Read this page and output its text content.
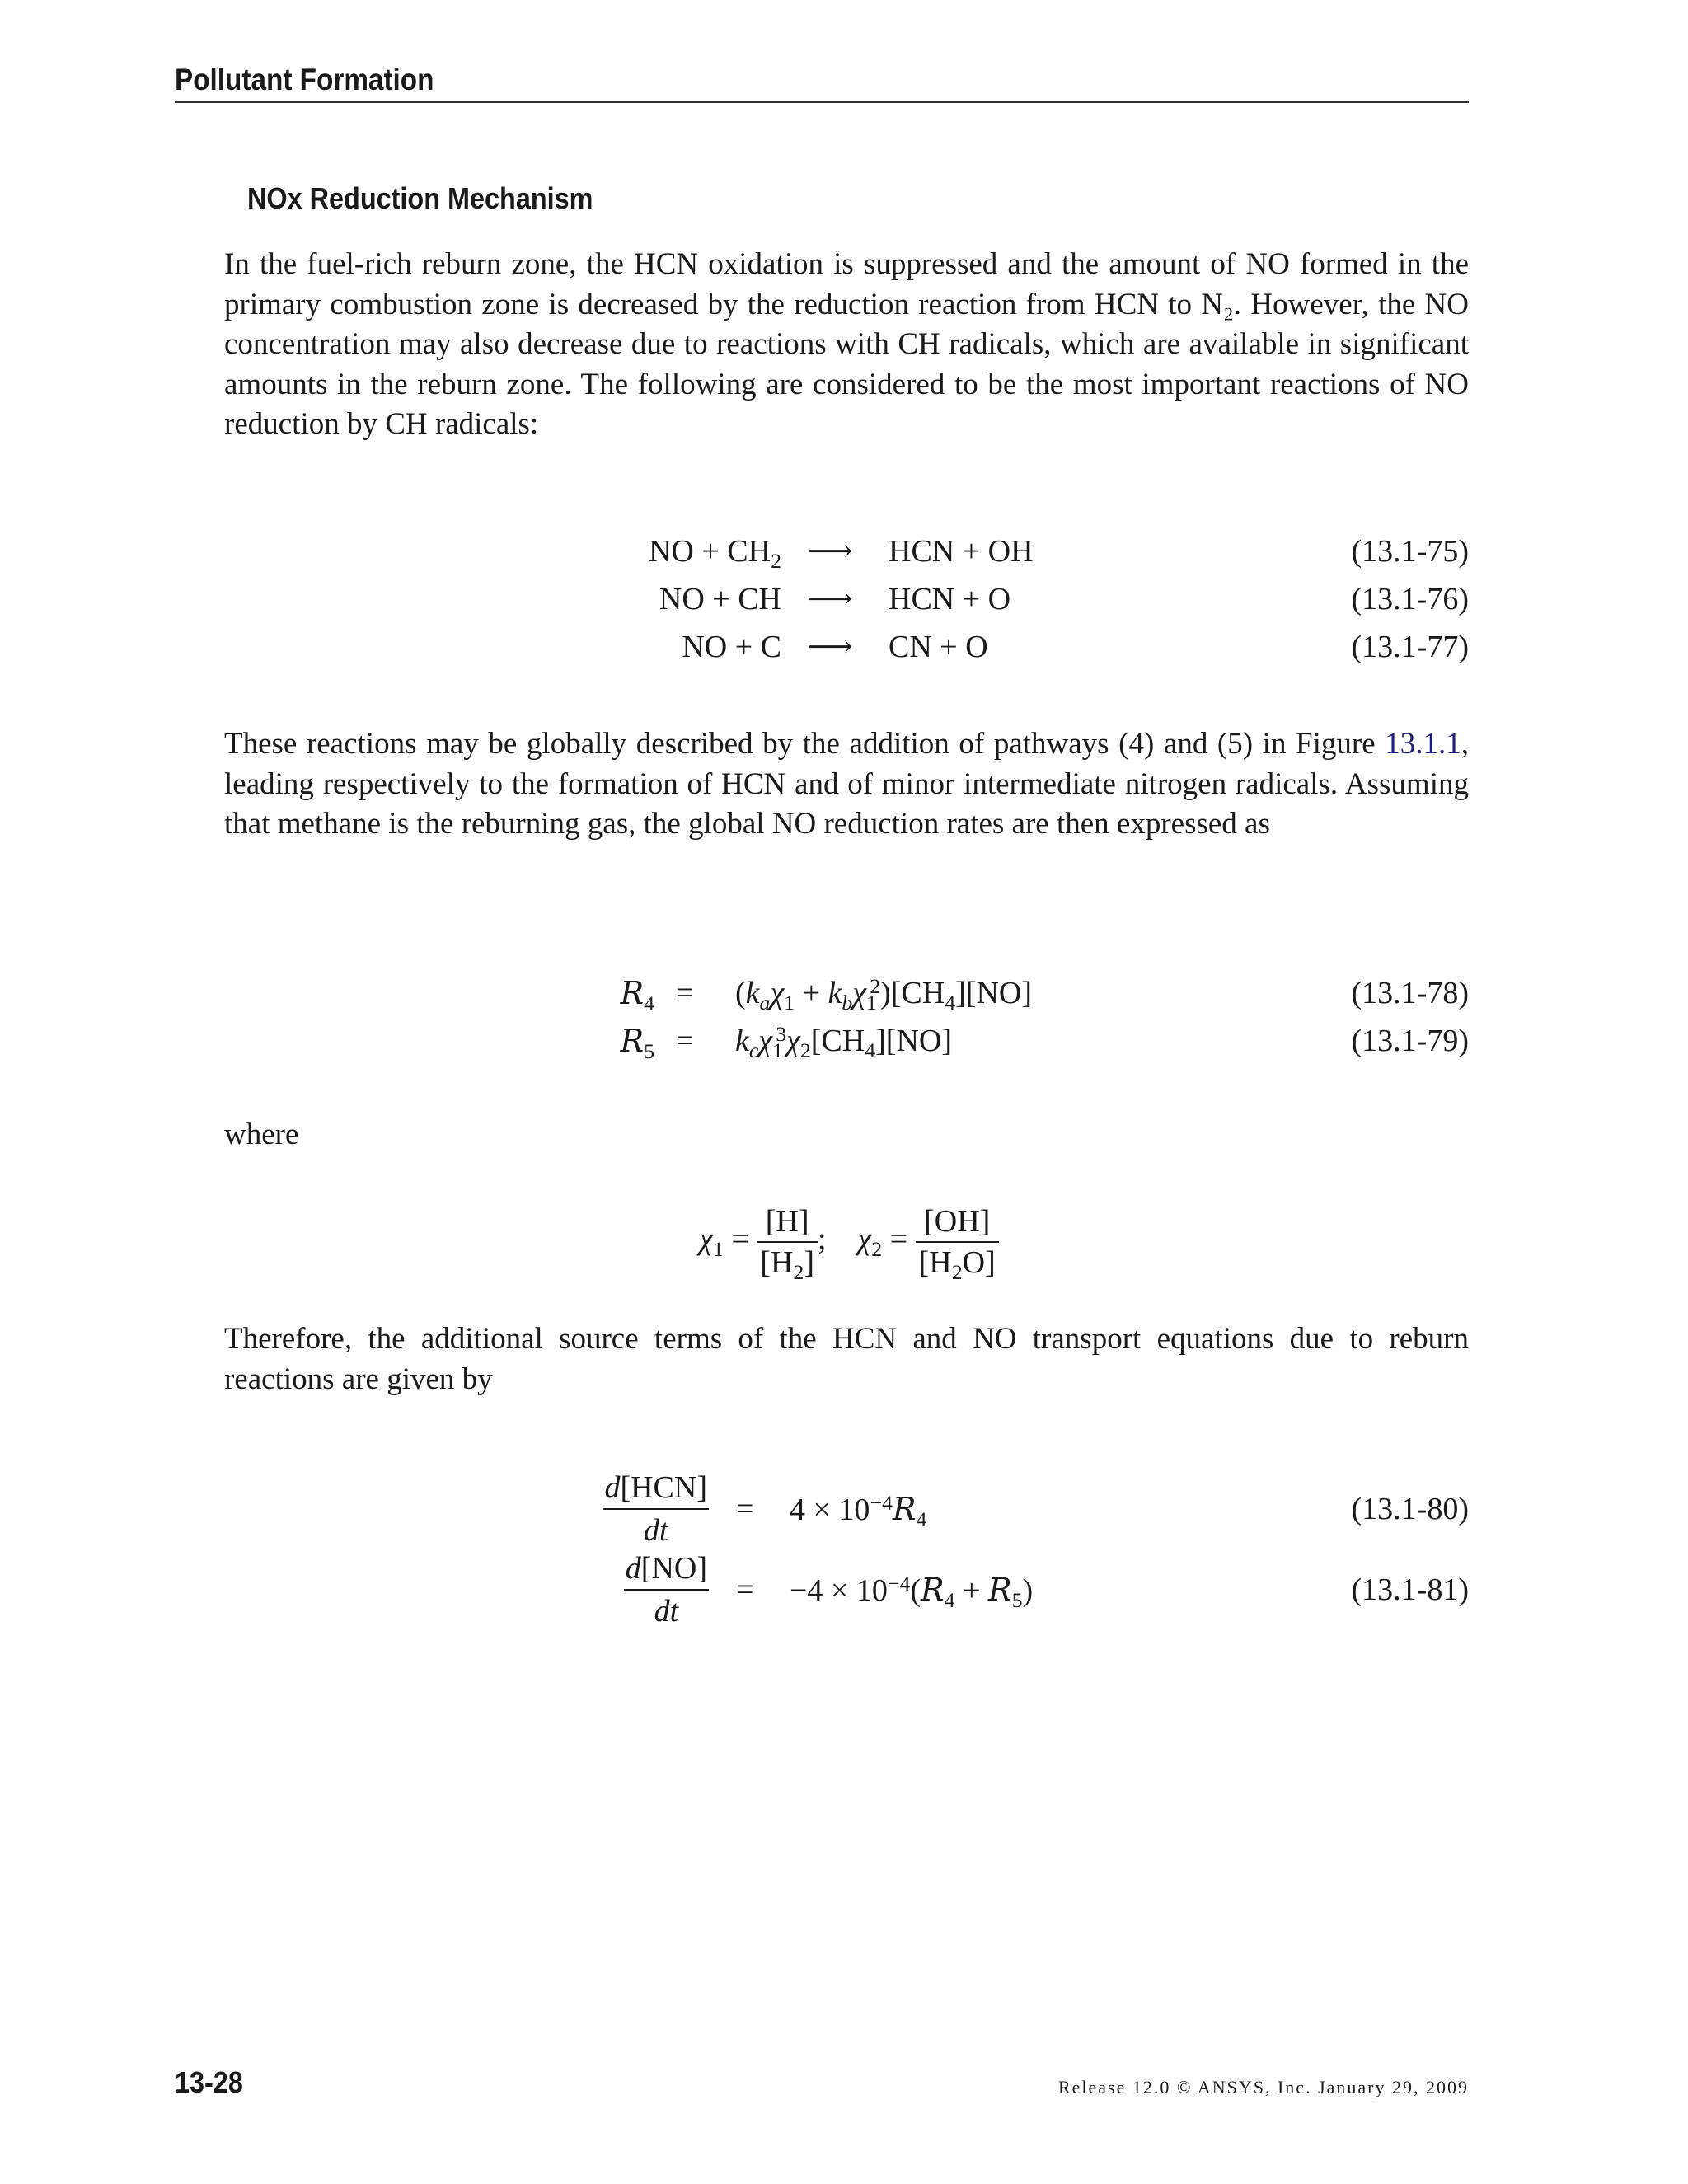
Pollutant Formation
NOx Reduction Mechanism

In the fuel-rich reburn zone, the HCN oxidation is suppressed and the amount of NO formed in the primary combustion zone is decreased by the reduction reaction from HCN to N₂. However, the NO concentration may also decrease due to reactions with CH radicals, which are available in significant amounts in the reburn zone. The following are considered to be the most important reactions of NO reduction by CH radicals:

NO + $CH_2$ ⟶ HCN + OH	(13.1-75)
NO + CH ⟶ HCN + O	(13.1-76)
NO + C ⟶ CN + O	(13.1-77)

These reactions may be globally described by the addition of pathways (4) and (5) in Figure 13.1.1, leading respectively to the formation of HCN and of minor intermediate nitrogen radicals. Assuming that methane is the reburning gas, the global NO reduction rates are then expressed as

$R_4 = (k_a\chi_1 + k_b\chi_1^2)[CH_4][NO]$	(13.1-78)
$R_5 = k_c\chi_1^3\chi_2[CH_4][NO]$	(13.1-79)

where

$\chi_1 = \frac{[H]}{[H_2]}$ ;    $\chi_2 = \frac{[OH]}{[H_2O]}$

Therefore, the additional source terms of the HCN and NO transport equations due to reburn reactions are given by

d[HCN]
dt
= $4 \times 10^{-4}R_4$	(13.1-80)
d[NO]
dt
= $-4 \times 10^{-4}(R_4 + R_5)$	(13.1-81)
13-28	Release 12.0 © ANSYS, Inc. January 29, 2009
